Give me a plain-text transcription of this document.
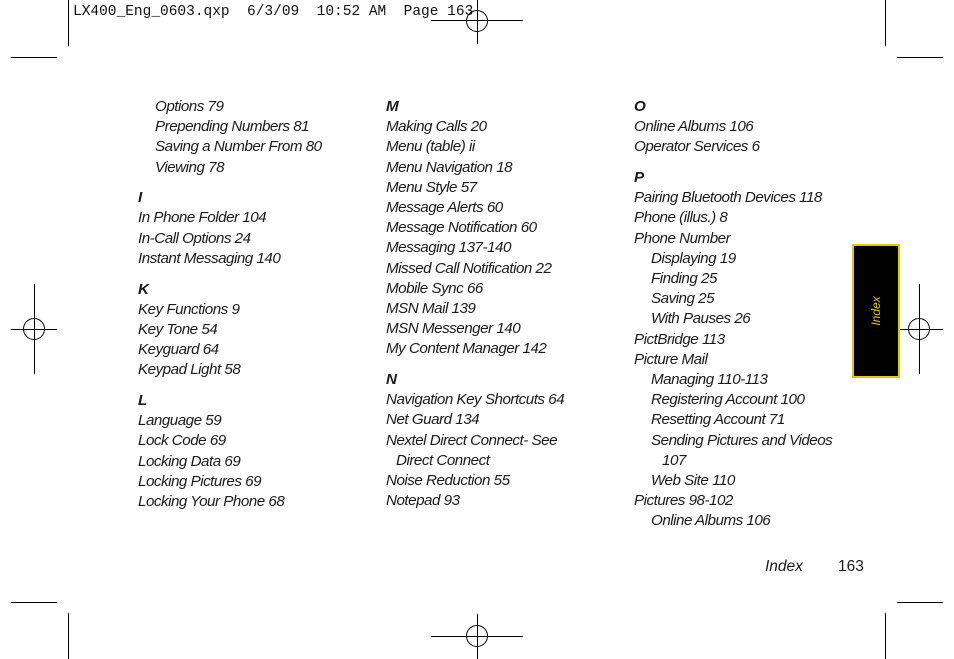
LX400_Eng_0603.qxp  6/3/09  10:52 AM  Page 163
Options 79
Prepending Numbers 81
Saving a Number From 80
Viewing 78
I
In Phone Folder 104
In-Call Options 24
Instant Messaging 140
K
Key Functions 9
Key Tone 54
Keyguard 64
Keypad Light 58
L
Language 59
Lock Code 69
Locking Data 69
Locking Pictures 69
Locking Your Phone 68
M
Making Calls 20
Menu (table) ii
Menu Navigation 18
Menu Style 57
Message Alerts 60
Message Notification 60
Messaging 137-140
Missed Call Notification 22
Mobile Sync 66
MSN Mail 139
MSN Messenger 140
My Content Manager 142
N
Navigation Key Shortcuts 64
Net Guard 134
Nextel Direct Connect- See
Direct Connect
Noise Reduction 55
Notepad 93
O
Online Albums 106
Operator Services 6
P
Pairing Bluetooth Devices 118
Phone (illus.) 8
Phone Number
Displaying 19
Finding 25
Saving 25
With Pauses 26
PictBridge 113
Picture Mail
Managing 110-113
Registering Account 100
Resetting Account 71
Sending Pictures and Videos
107
Web Site 110
Pictures 98-102
Online Albums 106
Index
Index 163
